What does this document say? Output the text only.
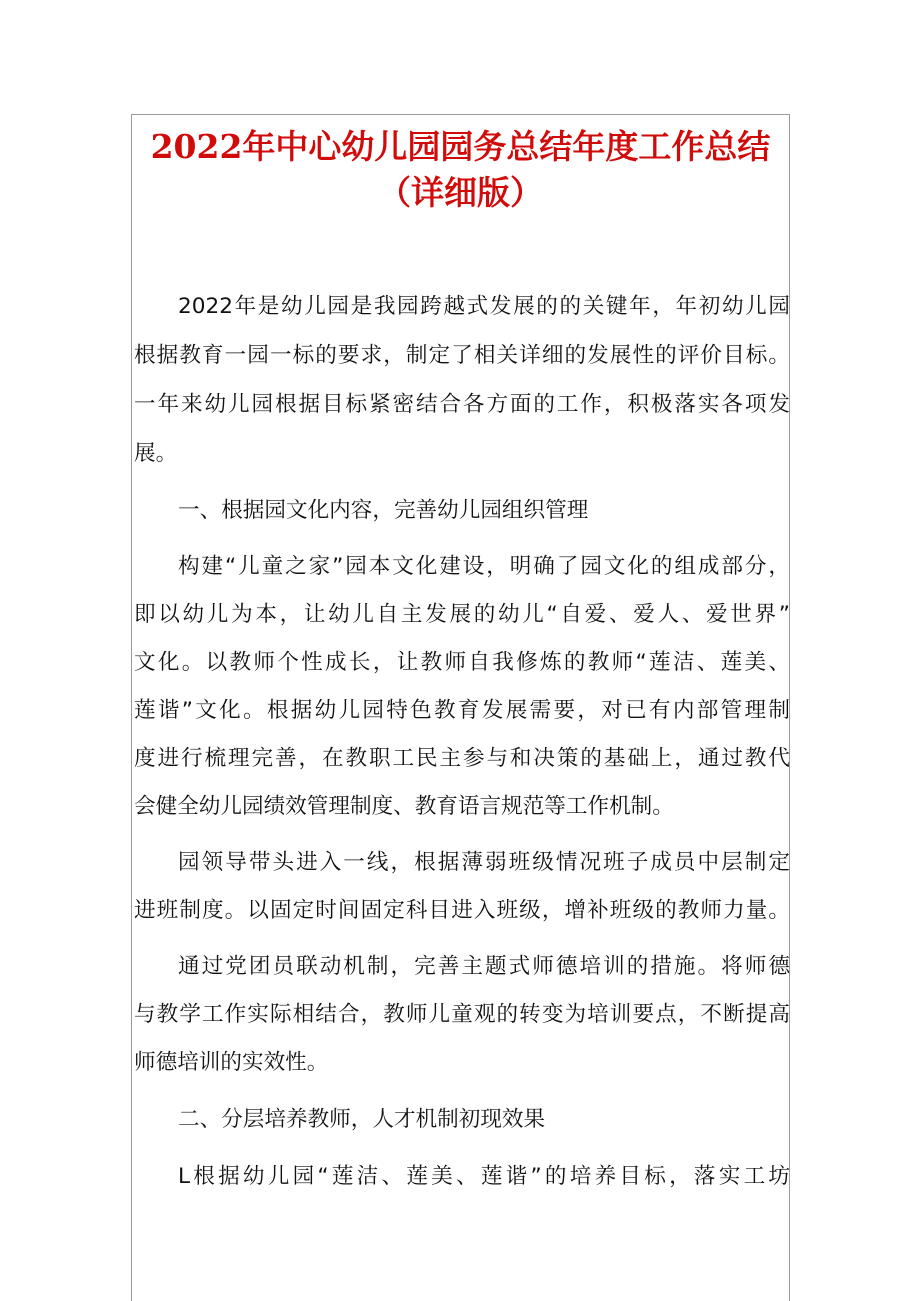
2022年中心幼儿园园务总结年度工作总结
（详细版）
2022年是幼儿园是我园跨越式发展的的关键年，年初幼儿园
根据教育一园一标的要求，制定了相关详细的发展性的评价目标。
一年来幼儿园根据目标紧密结合各方面的工作，积极落实各项发
展。
一、根据园文化内容，完善幼儿园组织管理
构建“儿童之家”园本文化建设，明确了园文化的组成部分，
即以幼儿为本，让幼儿自主发展的幼儿“自爱、爱人、爱世界”
文化。以教师个性成长，让教师自我修炼的教师“莲洁、莲美、
莲谐”文化。根据幼儿园特色教育发展需要，对已有内部管理制
度进行梳理完善，在教职工民主参与和决策的基础上，通过教代
会健全幼儿园绩效管理制度、教育语言规范等工作机制。
园领导带头进入一线，根据薄弱班级情况班子成员中层制定
进班制度。以固定时间固定科目进入班级，增补班级的教师力量。
通过党团员联动机制，完善主题式师德培训的措施。将师德
与教学工作实际相结合，教师儿童观的转变为培训要点，不断提高
师德培训的实效性。
二、分层培养教师，人才机制初现效果
L根据幼儿园“莲洁、莲美、莲谐”的培养目标，落实工坊
